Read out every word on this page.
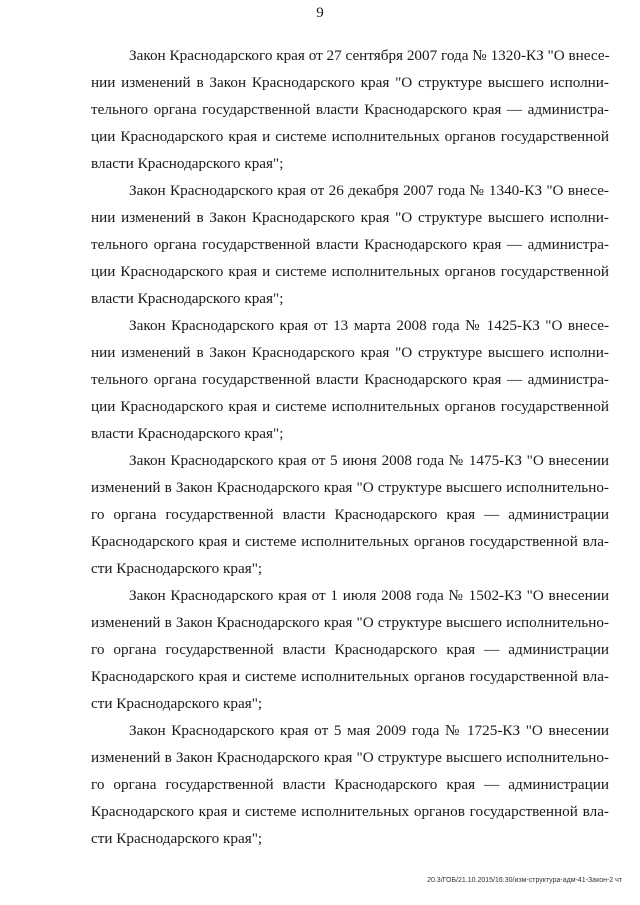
9
Закон Краснодарского края от 27 сентября 2007 года № 1320-КЗ "О внесе-
нии изменений в Закон Краснодарского края "О структуре высшего исполни-
тельного органа государственной власти Краснодарского края — администра-
ции Краснодарского края и системе исполнительных органов государственной
власти Краснодарского края";
Закон Краснодарского края от 26 декабря 2007 года № 1340-КЗ "О внесе-
нии изменений в Закон Краснодарского края "О структуре высшего исполни-
тельного органа государственной власти Краснодарского края — администра-
ции Краснодарского края и системе исполнительных органов государственной
власти Краснодарского края";
Закон Краснодарского края от 13 марта 2008 года № 1425-КЗ "О внесе-
нии изменений в Закон Краснодарского края "О структуре высшего исполни-
тельного органа государственной власти Краснодарского края — администра-
ции Краснодарского края и системе исполнительных органов государственной
власти Краснодарского края";
Закон Краснодарского края от 5 июня 2008 года № 1475-КЗ "О внесении
изменений в Закон Краснодарского края "О структуре высшего исполнительно-
го органа государственной власти Краснодарского края — администрации
Краснодарского края и системе исполнительных органов государственной вла-
сти Краснодарского края";
Закон Краснодарского края от 1 июля 2008 года № 1502-КЗ "О внесении
изменений в Закон Краснодарского края "О структуре высшего исполнительно-
го органа государственной власти Краснодарского края — администрации
Краснодарского края и системе исполнительных органов государственной вла-
сти Краснодарского края";
Закон Краснодарского края от 5 мая 2009 года № 1725-КЗ "О внесении
изменений в Закон Краснодарского края "О структуре высшего исполнительно-
го органа государственной власти Краснодарского края — администрации
Краснодарского края и системе исполнительных органов государственной вла-
сти Краснодарского края";
20.3/ГОБ/21.10.2015/16:30/изм-структура-адм-41-Закон-2 чт
